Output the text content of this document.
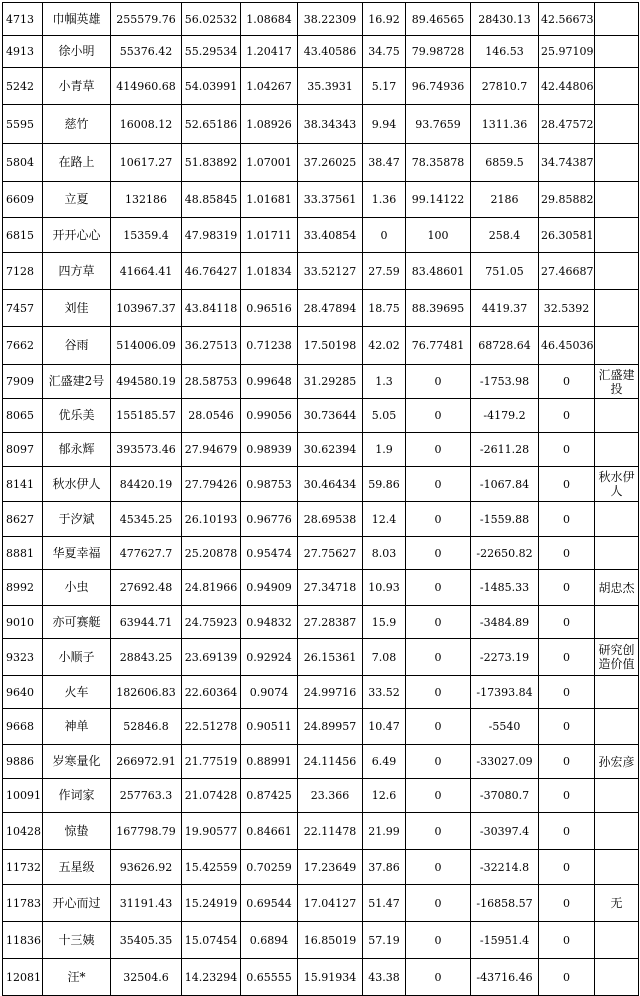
4713	巾帼英雄	255579.76	56.02532	1.08684	38.22309	16.92	89.46565	28430.13	42.56673	
4913	徐小明	55376.42	55.29534	1.20417	43.40586	34.75	79.98728	146.53	25.97109	
5242	小青草	414960.68	54.03991	1.04267	35.3931	5.17	96.74936	27810.7	42.44806	
5595	慈竹	16008.12	52.65186	1.08926	38.34343	9.94	93.7659	1311.36	28.47572	
5804	在路上	10617.27	51.83892	1.07001	37.26025	38.47	78.35878	6859.5	34.74387	
6609	立夏	132186	48.85845	1.01681	33.37561	1.36	99.14122	2186	29.85882	
6815	开开心心	15359.4	47.98319	1.01711	33.40854	0	100	258.4	26.30581	
7128	四方草	41664.41	46.76427	1.01834	33.52127	27.59	83.48601	751.05	27.46687	
7457	刘佳	103967.37	43.84118	0.96516	28.47894	18.75	88.39695	4419.37	32.5392	
7662	谷雨	514006.09	36.27513	0.71238	17.50198	42.02	76.77481	68728.64	46.45036	
7909	汇盛建2号	494580.19	28.58753	0.99648	31.29285	1.3	0	-1753.98	0	汇盛建投
8065	优乐美	155185.57	28.0546	0.99056	30.73644	5.05	0	-4179.2	0	
8097	郁永辉	393573.46	27.94679	0.98939	30.62394	1.9	0	-2611.28	0	
8141	秋水伊人	84420.19	27.79426	0.98753	30.46434	59.86	0	-1067.84	0	秋水伊人
8627	于汐斌	45345.25	26.10193	0.96776	28.69538	12.4	0	-1559.88	0	
8881	华夏幸福	477627.7	25.20878	0.95474	27.75627	8.03	0	-22650.82	0	
8992	小虫	27692.48	24.81966	0.94909	27.34718	10.93	0	-1485.33	0	胡忠杰
9010	亦可赛艇	63944.71	24.75923	0.94832	27.28387	15.9	0	-3484.89	0	
9323	小顺子	28843.25	23.69139	0.92924	26.15361	7.08	0	-2273.19	0	研究创造价值
9640	火车	182606.83	22.60364	0.9074	24.99716	33.52	0	-17393.84	0	
9668	神单	52846.8	22.51278	0.90511	24.89957	10.47	0	-5540	0	
9886	岁寒量化	266972.91	21.77519	0.88991	24.11456	6.49	0	-33027.09	0	孙宏彦
10091	作词家	257763.3	21.07428	0.87425	23.366	12.6	0	-37080.7	0	
10428	惊蛰	167798.79	19.90577	0.84661	22.11478	21.99	0	-30397.4	0	
11732	五星级	93626.92	15.42559	0.70259	17.23649	37.86	0	-32214.8	0	
11783	开心而过	31191.43	15.24919	0.69544	17.04127	51.47	0	-16858.57	0	无
11836	十三姨	35405.35	15.07454	0.6894	16.85019	57.19	0	-15951.4	0	
12081	汪*	32504.6	14.23294	0.65555	15.91934	43.38	0	-43716.46	0	
